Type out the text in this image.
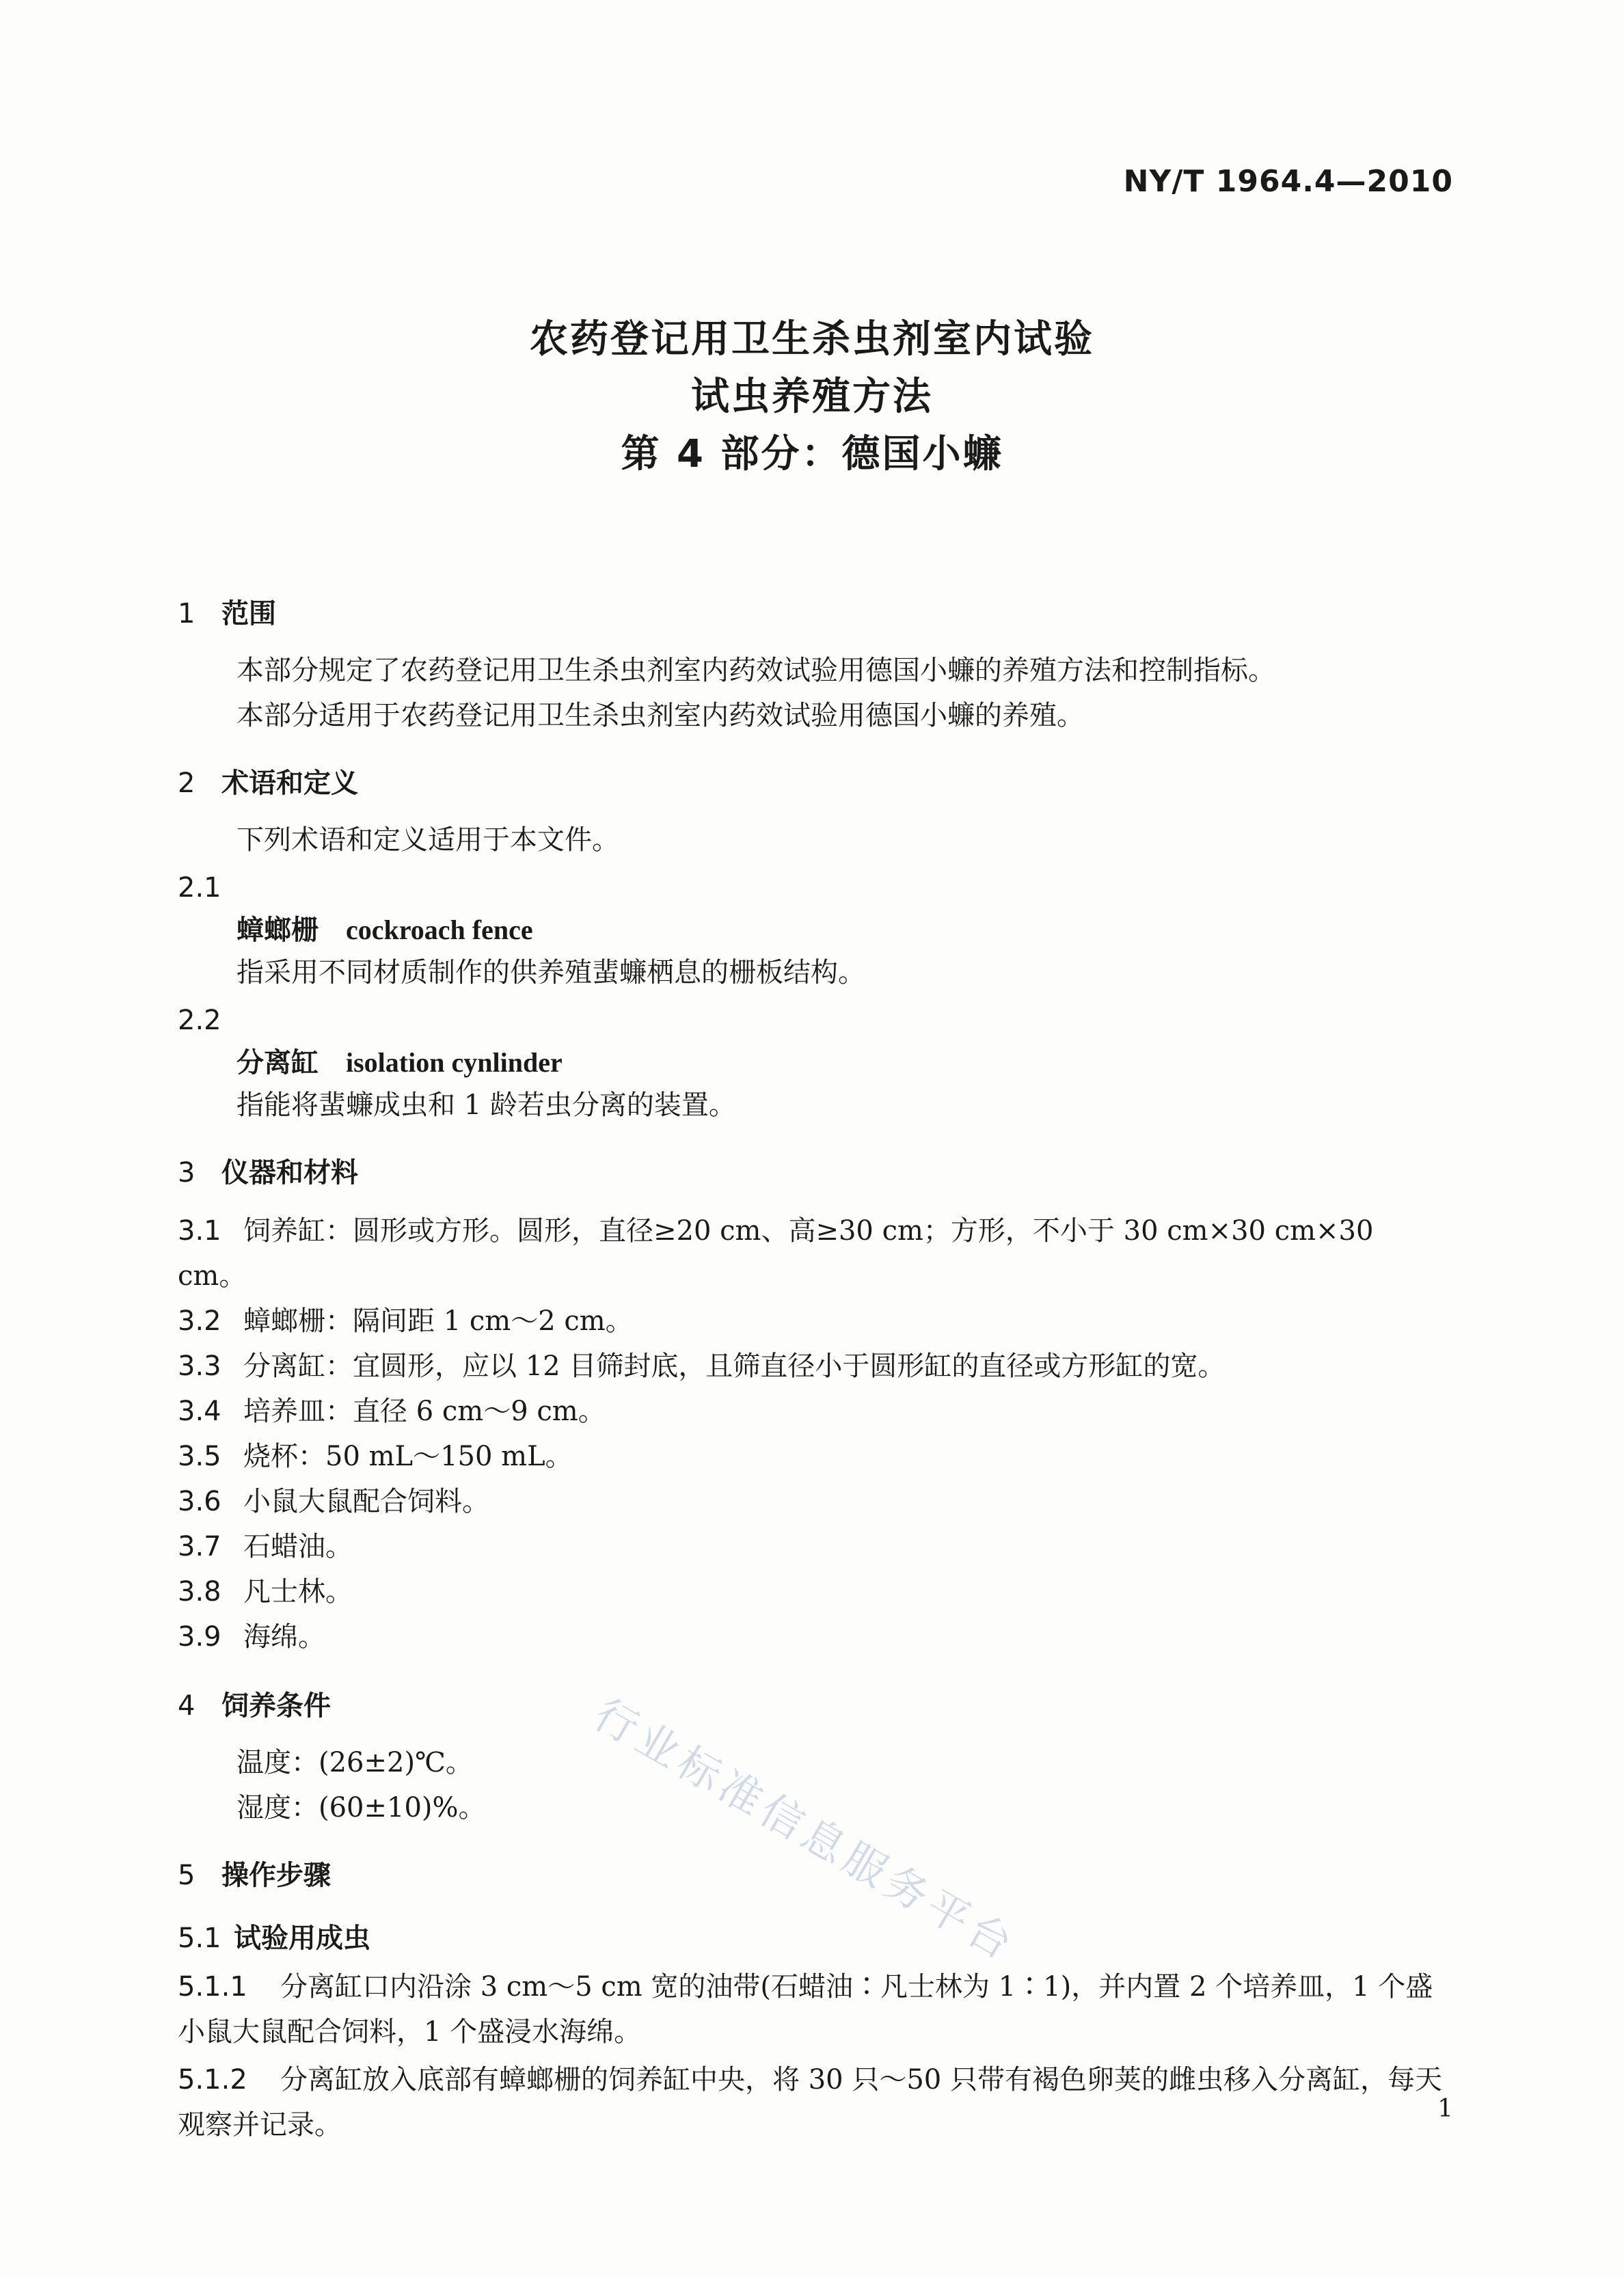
NY/T 1964.4—2010
农药登记用卫生杀虫剂室内试验
试虫养殖方法
第 4 部分：德国小蠊
1 范围
本部分规定了农药登记用卫生杀虫剂室内药效试验用德国小蠊的养殖方法和控制指标。
本部分适用于农药登记用卫生杀虫剂室内药效试验用德国小蠊的养殖。
2 术语和定义
下列术语和定义适用于本文件。
2.1
蟑螂栅 cockroach fence
指采用不同材质制作的供养殖蜚蠊栖息的栅板结构。
2.2
分离缸 isolation cynlinder
指能将蜚蠊成虫和 1 龄若虫分离的装置。
3 仪器和材料
3.1 饲养缸：圆形或方形。圆形，直径≥20 cm、高≥30 cm；方形，不小于 30 cm×30 cm×30 cm。
3.2 蟑螂栅：隔间距 1 cm～2 cm。
3.3 分离缸：宜圆形，应以 12 目筛封底，且筛直径小于圆形缸的直径或方形缸的宽。
3.4 培养皿：直径 6 cm～9 cm。
3.5 烧杯：50 mL～150 mL。
3.6 小鼠大鼠配合饲料。
3.7 石蜡油。
3.8 凡士林。
3.9 海绵。
4 饲养条件
温度：(26±2)℃。
湿度：(60±10)%。
5 操作步骤
5.1 试验用成虫
5.1.1 分离缸口内沿涂 3 cm～5 cm 宽的油带(石蜡油∶凡士林为 1∶1)，并内置 2 个培养皿，1 个盛小鼠大鼠配合饲料，1 个盛浸水海绵。
5.1.2 分离缸放入底部有蟑螂栅的饲养缸中央，将 30 只～50 只带有褐色卵荚的雌虫移入分离缸，每天观察并记录。
行业标准信息服务平台
1
